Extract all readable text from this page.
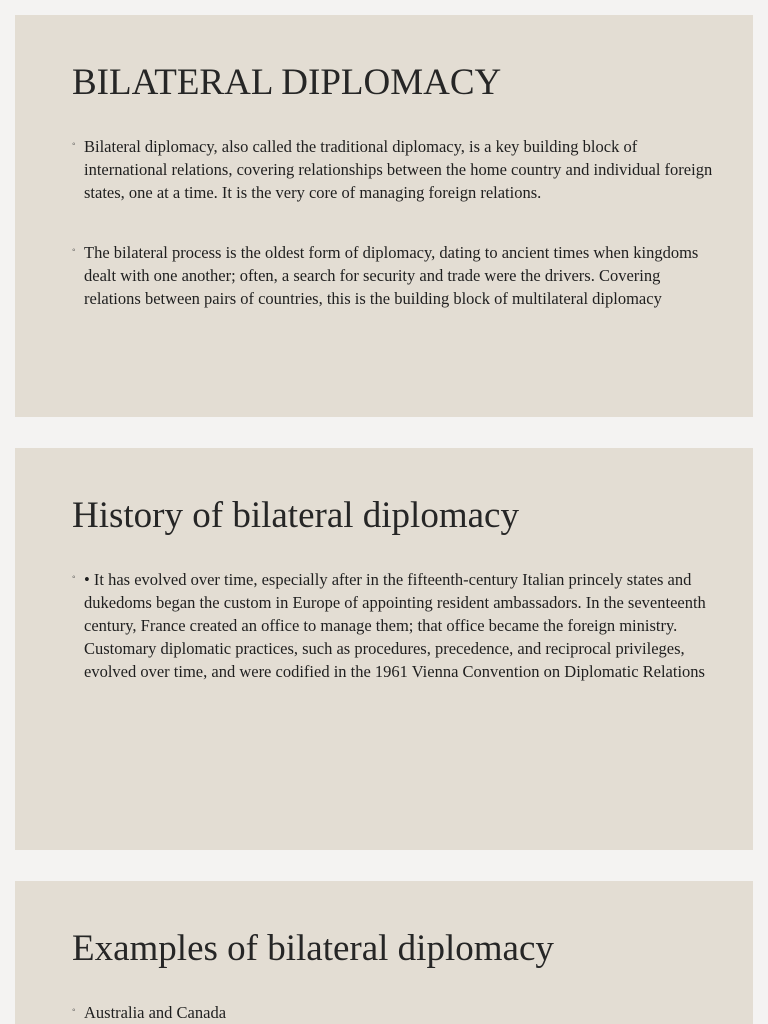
BILATERAL DIPLOMACY
◦ Bilateral diplomacy, also called the traditional diplomacy, is a key building block of international relations, covering relationships between the home country and individual foreign states, one at a time. It is the very core of managing foreign relations.
◦ The bilateral process is the oldest form of diplomacy, dating to ancient times when kingdoms dealt with one another; often, a search for security and trade were the drivers. Covering relations between pairs of countries, this is the building block of multilateral diplomacy
History of bilateral diplomacy
◦ • It has evolved over time, especially after in the fifteenth-century Italian princely states and dukedoms began the custom in Europe of appointing resident ambassadors. In the seventeenth century, France created an office to manage them; that office became the foreign ministry. Customary diplomatic practices, such as procedures, precedence, and reciprocal privileges, evolved over time, and were codified in the 1961 Vienna Convention on Diplomatic Relations
Examples of bilateral diplomacy
◦ Australia and Canada
